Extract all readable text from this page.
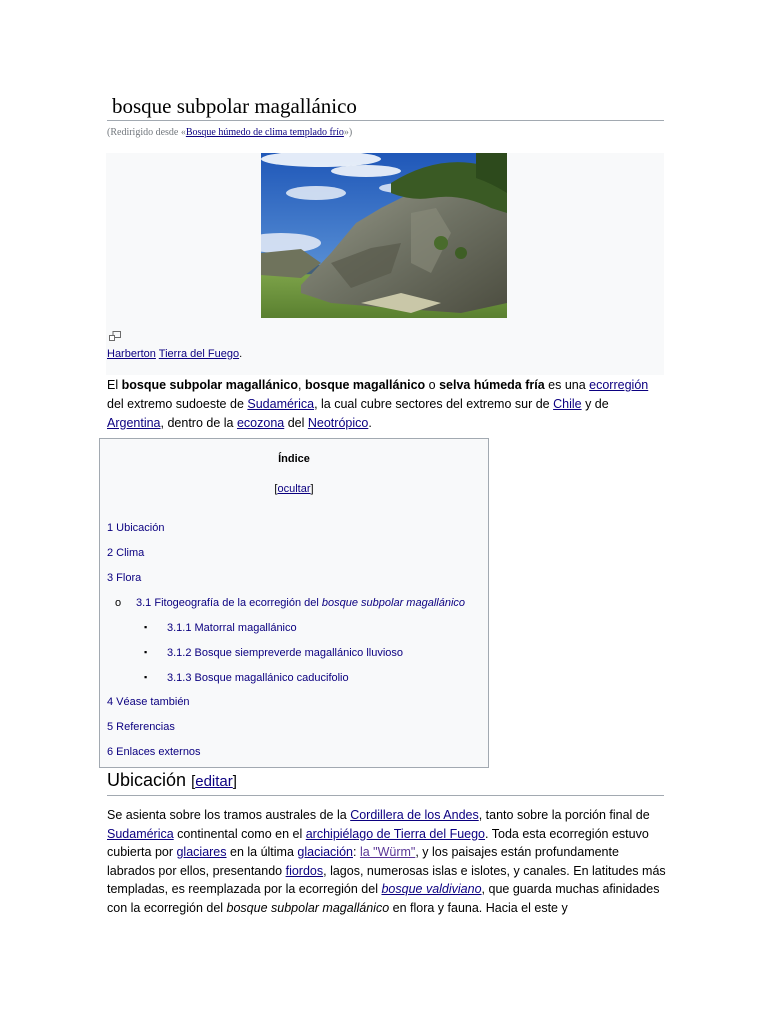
bosque subpolar magallánico
(Redirigido desde «Bosque húmedo de clima templado frío»)
Harberton Tierra del Fuego.
El bosque subpolar magallánico, bosque magallánico o selva húmeda fría es una ecorregión del extremo sudoeste de Sudamérica, la cual cubre sectores del extremo sur de Chile y de Argentina, dentro de la ecozona del Neotrópico.
Índice
[ocultar]
1 Ubicación
2 Clima
3 Flora
o 3.1 Fitogeografía de la ecorregión del bosque subpolar magallánico
▪ 3.1.1 Matorral magallánico
▪ 3.1.2 Bosque siempreverde magallánico lluvioso
▪ 3.1.3 Bosque magallánico caducifolio
4 Véase también
5 Referencias
6 Enlaces externos
Ubicación [editar]
Se asienta sobre los tramos australes de la Cordillera de los Andes, tanto sobre la porción final de Sudamérica continental como en el archipiélago de Tierra del Fuego. Toda esta ecorregión estuvo cubierta por glaciares en la última glaciación: la "Würm", y los paisajes están profundamente labrados por ellos, presentando fiordos, lagos, numerosas islas e islotes, y canales. En latitudes más templadas, es reemplazada por la ecorregión del bosque valdiviano, que guarda muchas afinidades con la ecorregión del bosque subpolar magallánico en flora y fauna. Hacia el este y
